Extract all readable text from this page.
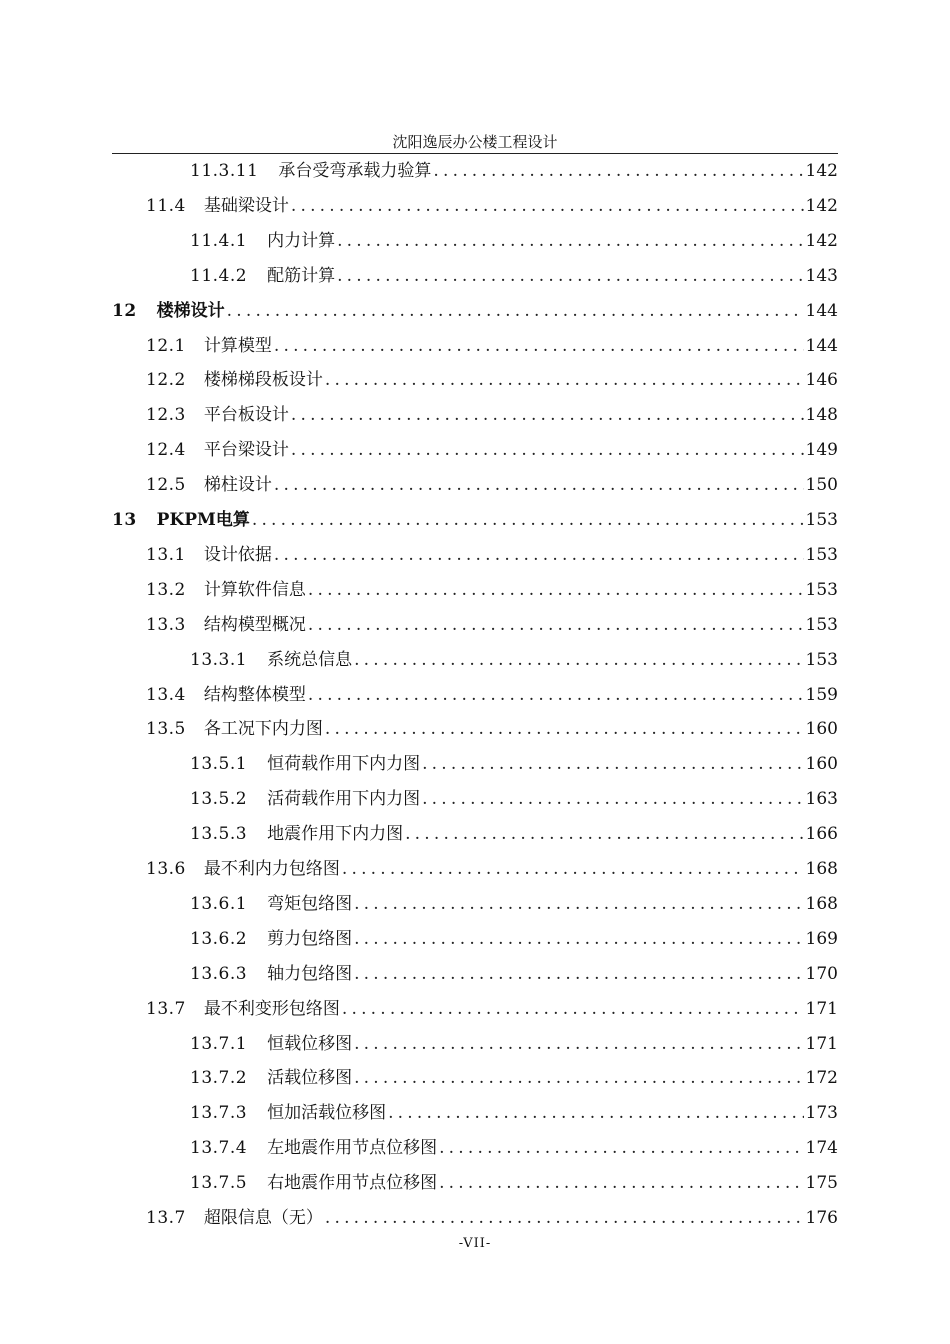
沈阳逸辰办公楼工程设计
11.3.11 承台受弯承载力验算 .....	142
11.4 基础梁设计 .....	142
11.4.1 内力计算 .....	142
11.4.2 配筋计算 .....	143
12 楼梯设计 .....	144
12.1 计算模型 .....	144
12.2 楼梯梯段板设计 .....	146
12.3 平台板设计 .....	148
12.4 平台梁设计 .....	149
12.5 梯柱设计 .....	150
13 PKPM电算 .....	153
13.1 设计依据 .....	153
13.2 计算软件信息 .....	153
13.3 结构模型概况 .....	153
13.3.1 系统总信息 .....	153
13.4 结构整体模型 .....	159
13.5 各工况下内力图 .....	160
13.5.1 恒荷载作用下内力图 .....	160
13.5.2 活荷载作用下内力图 .....	163
13.5.3 地震作用下内力图 .....	166
13.6 最不利内力包络图 .....	168
13.6.1 弯矩包络图 .....	168
13.6.2 剪力包络图 .....	169
13.6.3 轴力包络图 .....	170
13.7 最不利变形包络图 .....	171
13.7.1 恒载位移图 .....	171
13.7.2 活载位移图 .....	172
13.7.3 恒加活载位移图 .....	173
13.7.4 左地震作用节点位移图 .....	174
13.7.5 右地震作用节点位移图 .....	175
13.7 超限信息（无） .....	176
-VII-
